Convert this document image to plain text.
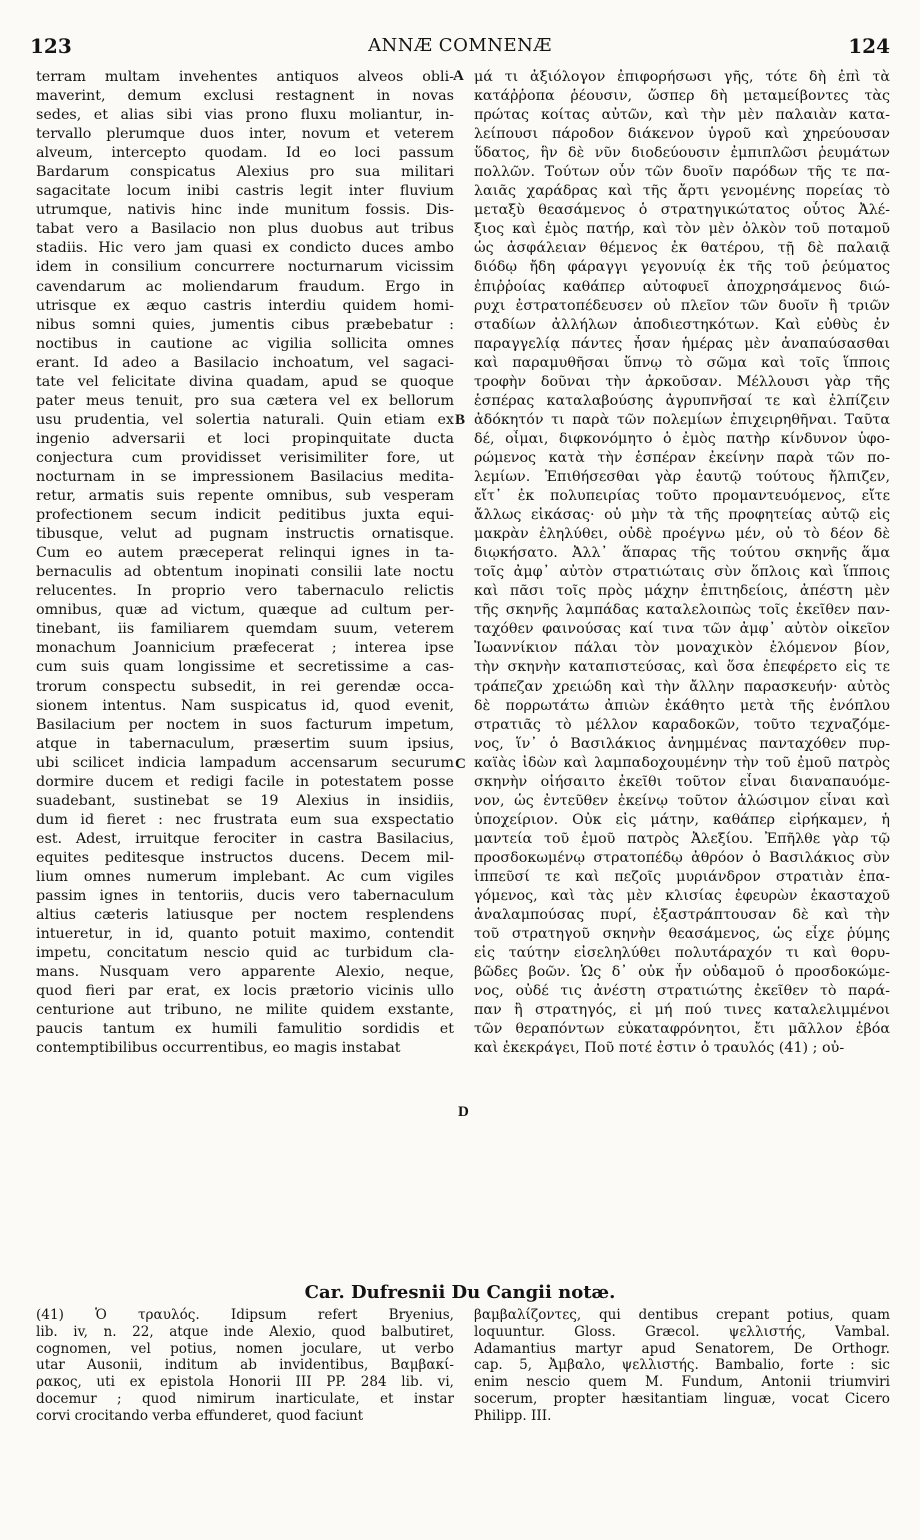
123	ANNÆ COMNENÆ	124
terram multam invehentes antiquos alveos obli-
maverint, demum exclusi restagnent in novas
sedes, et alias sibi vias prono fluxu moliantur, in-
tervallo plerumque duos inter, novum et veterem
alveum, intercepto quodam. Id eo loci passum
Bardarum conspicatus Alexius pro sua militari
sagacitate locum inibi castris legit inter fluvium
utrumque, nativis hinc inde munitum fossis. Dis-
tabat vero a Basilacio non plus duobus aut tribus
stadiis. Hic vero jam quasi ex condicto duces ambo
idem in consilium concurrere nocturnarum vicissim
cavendarum ac moliendarum fraudum. Ergo in
utrisque ex æquo castris interdiu quidem homi-
nibus somni quies, jumentis cibus præbebatur :
noctibus in cautione ac vigilia sollicita omnes
erant. Id adeo a Basilacio inchoatum, vel sagaci-
tate vel felicitate divina quadam, apud se quoque
pater meus tenuit, pro sua cætera vel ex bellorum
usu prudentia, vel solertia naturali. Quin etiam ex
ingenio adversarii et loci propinquitate ducta
conjectura cum providisset verisimiliter fore, ut
nocturnam in se impressionem Basilacius medita-
retur, armatis suis repente omnibus, sub vesperam
profectionem secum indicit peditibus juxta equi-
tibusque, velut ad pugnam instructis ornatisque.
Cum eo autem præceperat relinqui ignes in ta-
bernaculis ad obtentum inopinati consilii late noctu
relucentes. In proprio vero tabernaculo relictis
omnibus, quæ ad victum, quæque ad cultum per-
tinebant, iis familiarem quemdam suum, veterem
monachum Joannicium præfecerat ; interea ipse
cum suis quam longissime et secretissime a cas-
trorum conspectu subsedit, in rei gerendæ occa-
sionem intentus. Nam suspicatus id, quod evenit,
Basilacium per noctem in suos facturum impetum,
atque in tabernaculum, præsertim suum ipsius,
ubi scilicet indicia lampadum accensarum securum
dormire ducem et redigi facile in potestatem posse
suadebant, sustinebat se 19 Alexius in insidiis,
dum id fieret : nec frustrata eum sua exspectatio
est. Adest, irruitque ferociter in castra Basilacius,
equites peditesque instructos ducens. Decem mil-
lium omnes numerum implebant. Ac cum vigiles
passim ignes in tentoriis, ducis vero tabernaculum
altius cæteris latiusque per noctem resplendens
intueretur, in id, quanto potuit maximo, contendit
impetu, concitatum nescio quid ac turbidum cla-
mans. Nusquam vero apparente Alexio, neque,
quod fieri par erat, ex locis prætorio vicinis ullo
centurione aut tribuno, ne milite quidem exstante,
paucis tantum ex humili famulitio sordidis et
contemptibilibus occurrentibus, eo magis instabat
μά τι ἀξιόλογον ἐπιφορήσωσι γῆς, τότε δὴ ἐπὶ τὰ
κατάῤῥοπα ῥέουσιν, ὥσπερ δὴ μεταμείβοντες τὰς
πρώτας κοίτας αὐτῶν, καὶ τὴν μὲν παλαιὰν κατα-
λείπουσι πάροδον διάκενον ὑγροῦ καὶ χηρεύουσαν
ὕδατος, ἣν δὲ νῦν διοδεύουσιν ἐμπιπλῶσι ῥευμάτων
πολλῶν. Τούτων οὖν τῶν δυοῖν παρόδων τῆς τε πα-
λαιᾶς χαράδρας καὶ τῆς ἄρτι γενομένης πορείας τὸ
μεταξὺ θεασάμενος ὁ στρατηγικώτατος οὗτος Ἀλέ-
ξιος καὶ ἐμὸς πατήρ, καὶ τὸν μὲν ὁλκὸν τοῦ ποταμοῦ
ὡς ἀσφάλειαν θέμενος ἐκ θατέρου, τῇ δὲ παλαιᾷ
διόδῳ ἤδη φάραγγι γεγονυίᾳ ἐκ τῆς τοῦ ῥεύματος
ἐπιῤῥοίας καθάπερ αὐτοφυεῖ ἀποχρησάμενος διώ-
ρυχι ἐστρατοπέδευσεν οὐ πλεῖον τῶν δυοῖν ἢ τριῶν
σταδίων ἀλλήλων ἀποδιεστηκότων. Καὶ εὐθὺς ἐν
παραγγελίᾳ πάντες ἦσαν ἡμέρας μὲν ἀναπαύσασθαι
καὶ παραμυθῆσαι ὕπνῳ τὸ σῶμα καὶ τοῖς ἵπποις
τροφὴν δοῦναι τὴν ἀρκοῦσαν. Μέλλουσι γὰρ τῆς
ἑσπέρας καταλαβούσης ἀγρυπνῆσαί τε καὶ ἐλπίζειν
ἀδόκητόν τι παρὰ τῶν πολεμίων ἐπιχειρηθῆναι. Ταῦτα
δέ, οἶμαι, διφκονόμητο ὁ ἐμὸς πατὴρ κίνδυνον ὑφο-
ρώμενος κατὰ τὴν ἑσπέραν ἐκείνην παρὰ τῶν πο-
λεμίων. Ἐπιθήσεσθαι γὰρ ἑαυτῷ τούτους ἤλπιζεν,
εἴτ᾽ ἐκ πολυπειρίας τοῦτο προμαντευόμενος, εἴτε
ἄλλως εἰκάσας· οὐ μὴν τὰ τῆς προφητείας αὐτῷ εἰς
μακρὰν ἐληλύθει, οὐδὲ προέγνω μέν, οὐ τὸ δέον δὲ
διῳκήσατο. Ἀλλ᾽ ἅπαρας τῆς τούτου σκηνῆς ἅμα
τοῖς ἀμφ᾽ αὐτὸν στρατιώταις σὺν ὅπλοις καὶ ἵπποις
καὶ πᾶσι τοῖς πρὸς μάχην ἐπιτηδείοις, ἀπέστη μὲν
τῆς σκηνῆς λαμπάδας καταλελοιπὼς τοῖς ἐκεῖθεν παν-
ταχόθεν φαινούσας καί τινα τῶν ἀμφ᾽ αὐτὸν οἰκεῖον
Ἰωαννίκιον πάλαι τὸν μοναχικὸν ἑλόμενον βίον,
τὴν σκηνὴν καταπιστεύσας, καὶ ὅσα ἐπεφέρετο εἰς τε
τράπεζαν χρειώδη καὶ τὴν ἄλλην παρασκευήν· αὐτὸς
δὲ πορρωτάτω ἀπιὼν ἐκάθητο μετὰ τῆς ἐνόπλου
στρατιᾶς τὸ μέλλον καραδοκῶν, τοῦτο τεχναζόμε-
νος, ἵν᾽ ὁ Βασιλάκιος ἀνημμένας πανταχόθεν πυρ-
καϊὰς ἰδὼν καὶ λαμπαδοχουμένην τὴν τοῦ ἐμοῦ πατρὸς
σκηνὴν οἰήσαιτο ἐκεῖθι τοῦτον εἶναι διαναπαυόμε-
νον, ὡς ἐντεῦθεν ἐκείνῳ τοῦτον ἁλώσιμον εἶναι καὶ
ὑποχείριον. Οὐκ εἰς μάτην, καθάπερ εἰρήκαμεν, ἡ
μαντεία τοῦ ἐμοῦ πατρὸς Ἀλεξίου. Ἐπῆλθε γὰρ τῷ
προσδοκωμένῳ στρατοπέδῳ ἀθρόον ὁ Βασιλάκιος σὺν
ἱππεῦσί τε καὶ πεζοῖς μυριάνδρον στρατιὰν ἐπα-
γόμενος, καὶ τὰς μὲν κλισίας ἐφευρὼν ἑκασταχοῦ
ἀναλαμπούσας πυρί, ἐξαστράπτουσαν δὲ καὶ τὴν
τοῦ στρατηγοῦ σκηνὴν θεασάμενος, ὡς εἶχε ῥύμης
εἰς ταύτην εἰσεληλύθει πολυτάραχόν τι καὶ θορυ-
βῶδες βοῶν. Ὡς δ᾽ οὐκ ἦν οὐδαμοῦ ὁ προσδοκώμε-
νος, οὐδέ τις ἀνέστη στρατιώτης ἐκεῖθεν τὸ παρά-
παν ἢ στρατηγός, εἰ μή πού τινες καταλελιμμένοι
τῶν θεραπόντων εὐκαταφρόνητοι, ἔτι μᾶλλον ἐβόα
καὶ ἐκεκράγει, Ποῦ ποτέ ἐστιν ὁ τραυλός (41) ; οὐ-
A
B
C
D
Car. Dufresnii Du Cangii notæ.
(41) Ὁ τραυλός. Idipsum refert Bryenius,
lib. iv, n. 22, atque inde Alexio, quod balbutiret,
cognomen, vel potius, nomen joculare, ut verbo
utar Ausonii, inditum ab invidentibus, Βαμβακί-
ρακος, uti ex epistola Honorii III PP. 284 lib. vi,
docemur ; quod nimirum inarticulate, et instar
corvi crocitando verba effunderet, quod faciunt
βαμβαλίζοντες, qui dentibus crepant potius, quam
loquuntur. Gloss. Græcol. ψελλιστής, Vambal.
Adamantius martyr apud Senatorem, De Orthogr.
cap. 5, Ἀμβαλο, ψελλιστής. Bambalio, forte : sic
enim nescio quem M. Fundum, Antonii triumviri
socerum, propter hæsitantiam linguæ, vocat Cicero
Philipp. III.
